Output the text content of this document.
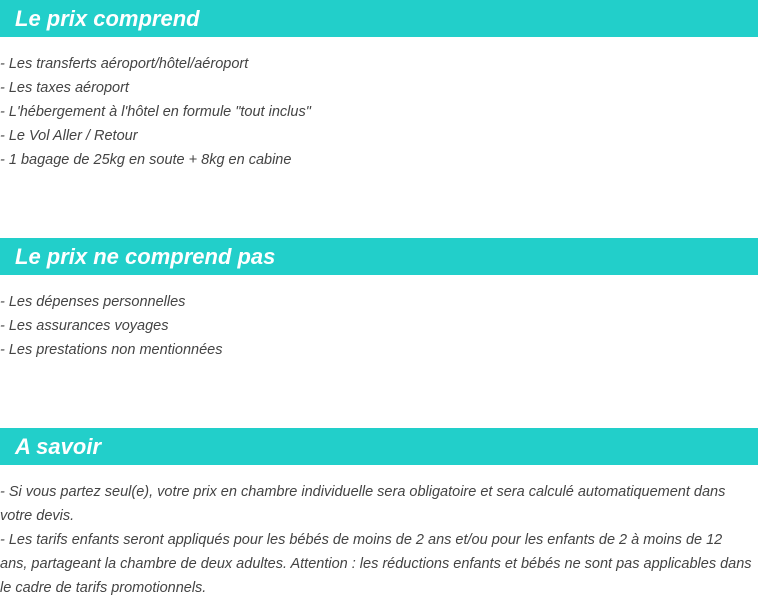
Le prix comprend
- Les transferts aéroport/hôtel/aéroport
- Les taxes aéroport
- L'hébergement à l'hôtel en formule "tout inclus"
- Le Vol Aller / Retour
- 1 bagage de 25kg en soute + 8kg en cabine
Le prix ne comprend pas
- Les dépenses personnelles
- Les assurances voyages
- Les prestations non mentionnées
A savoir
- Si vous partez seul(e), votre prix en chambre individuelle sera obligatoire et sera calculé automatiquement dans votre devis.
- Les tarifs enfants seront appliqués pour les bébés de moins de 2 ans et/ou pour les enfants de 2 à moins de 12 ans, partageant la chambre de deux adultes. Attention : les réductions enfants et bébés ne sont pas applicables dans le cadre de tarifs promotionnels.
